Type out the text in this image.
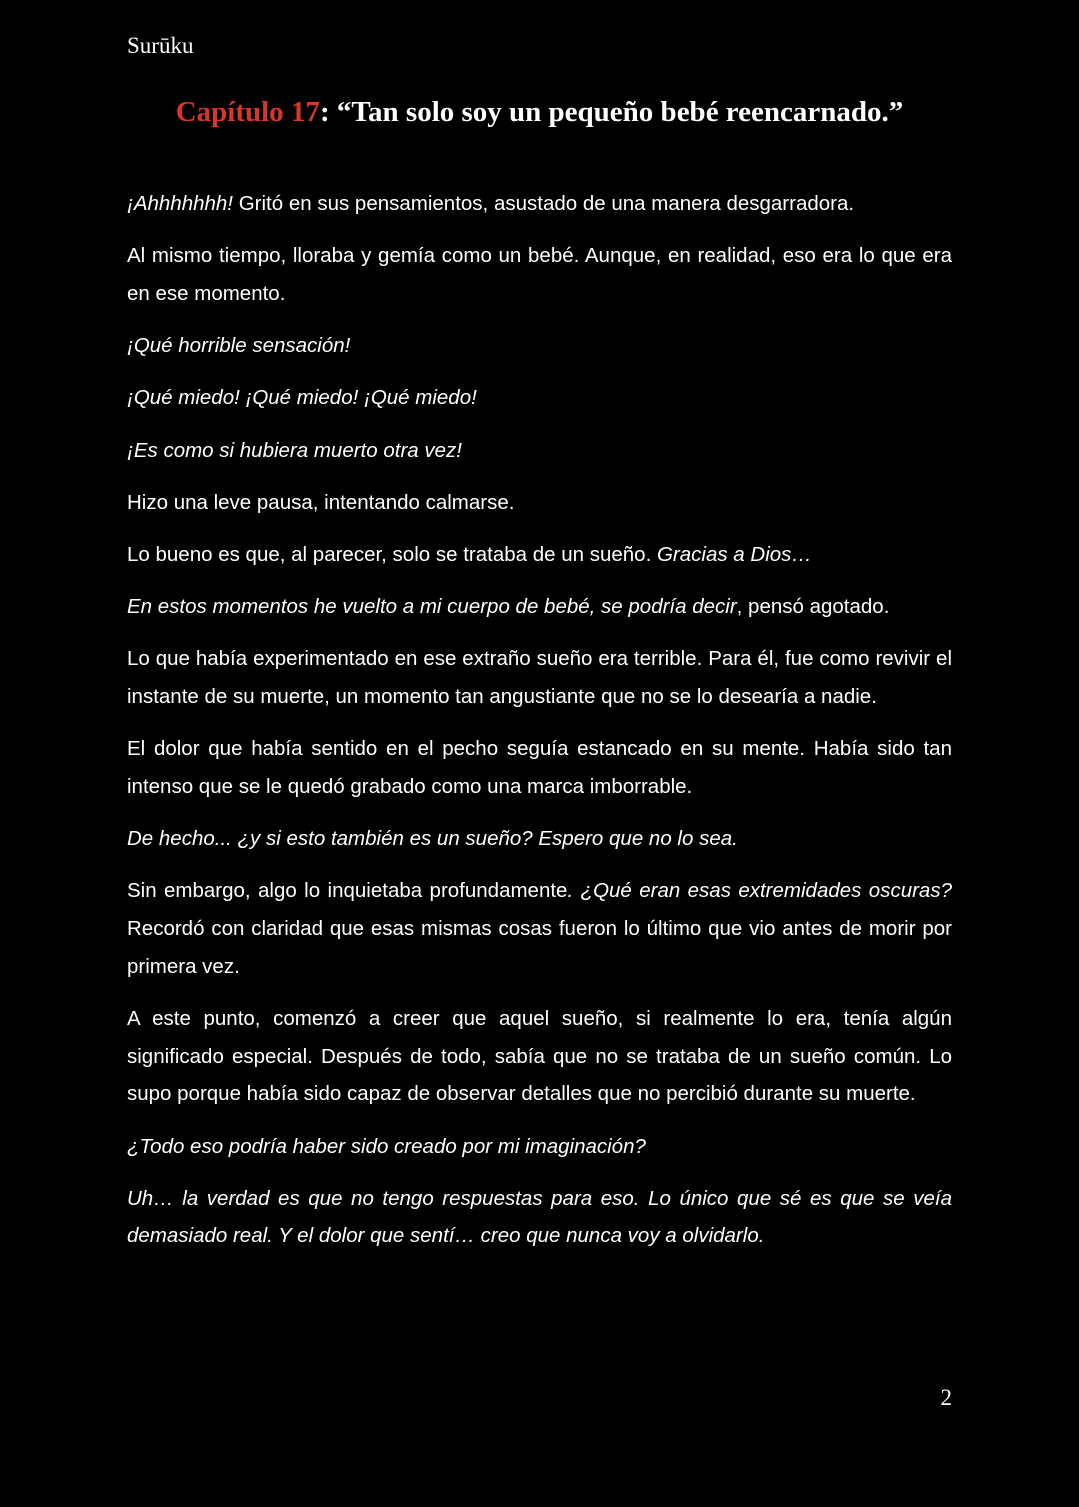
Surūku
Capítulo 17: “Tan solo soy un pequeño bebé reencarnado.”

¡Ahhhhhhh! Gritó en sus pensamientos, asustado de una manera desgarradora.

Al mismo tiempo, lloraba y gemía como un bebé. Aunque, en realidad, eso era lo que era en ese momento.

¡Qué horrible sensación!

¡Qué miedo! ¡Qué miedo! ¡Qué miedo!

¡Es como si hubiera muerto otra vez!

Hizo una leve pausa, intentando calmarse.

Lo bueno es que, al parecer, solo se trataba de un sueño. Gracias a Dios…

En estos momentos he vuelto a mi cuerpo de bebé, se podría decir, pensó agotado.

Lo que había experimentado en ese extraño sueño era terrible. Para él, fue como revivir el instante de su muerte, un momento tan angustiante que no se lo desearía a nadie.

El dolor que había sentido en el pecho seguía estancado en su mente. Había sido tan intenso que se le quedó grabado como una marca imborrable.

De hecho... ¿y si esto también es un sueño? Espero que no lo sea.

Sin embargo, algo lo inquietaba profundamente. ¿Qué eran esas extremidades oscuras? Recordó con claridad que esas mismas cosas fueron lo último que vio antes de morir por primera vez.

A este punto, comenzó a creer que aquel sueño, si realmente lo era, tenía algún significado especial. Después de todo, sabía que no se trataba de un sueño común. Lo supo porque había sido capaz de observar detalles que no percibió durante su muerte.

¿Todo eso podría haber sido creado por mi imaginación?

Uh… la verdad es que no tengo respuestas para eso. Lo único que sé es que se veía demasiado real. Y el dolor que sentí… creo que nunca voy a olvidarlo.

2
